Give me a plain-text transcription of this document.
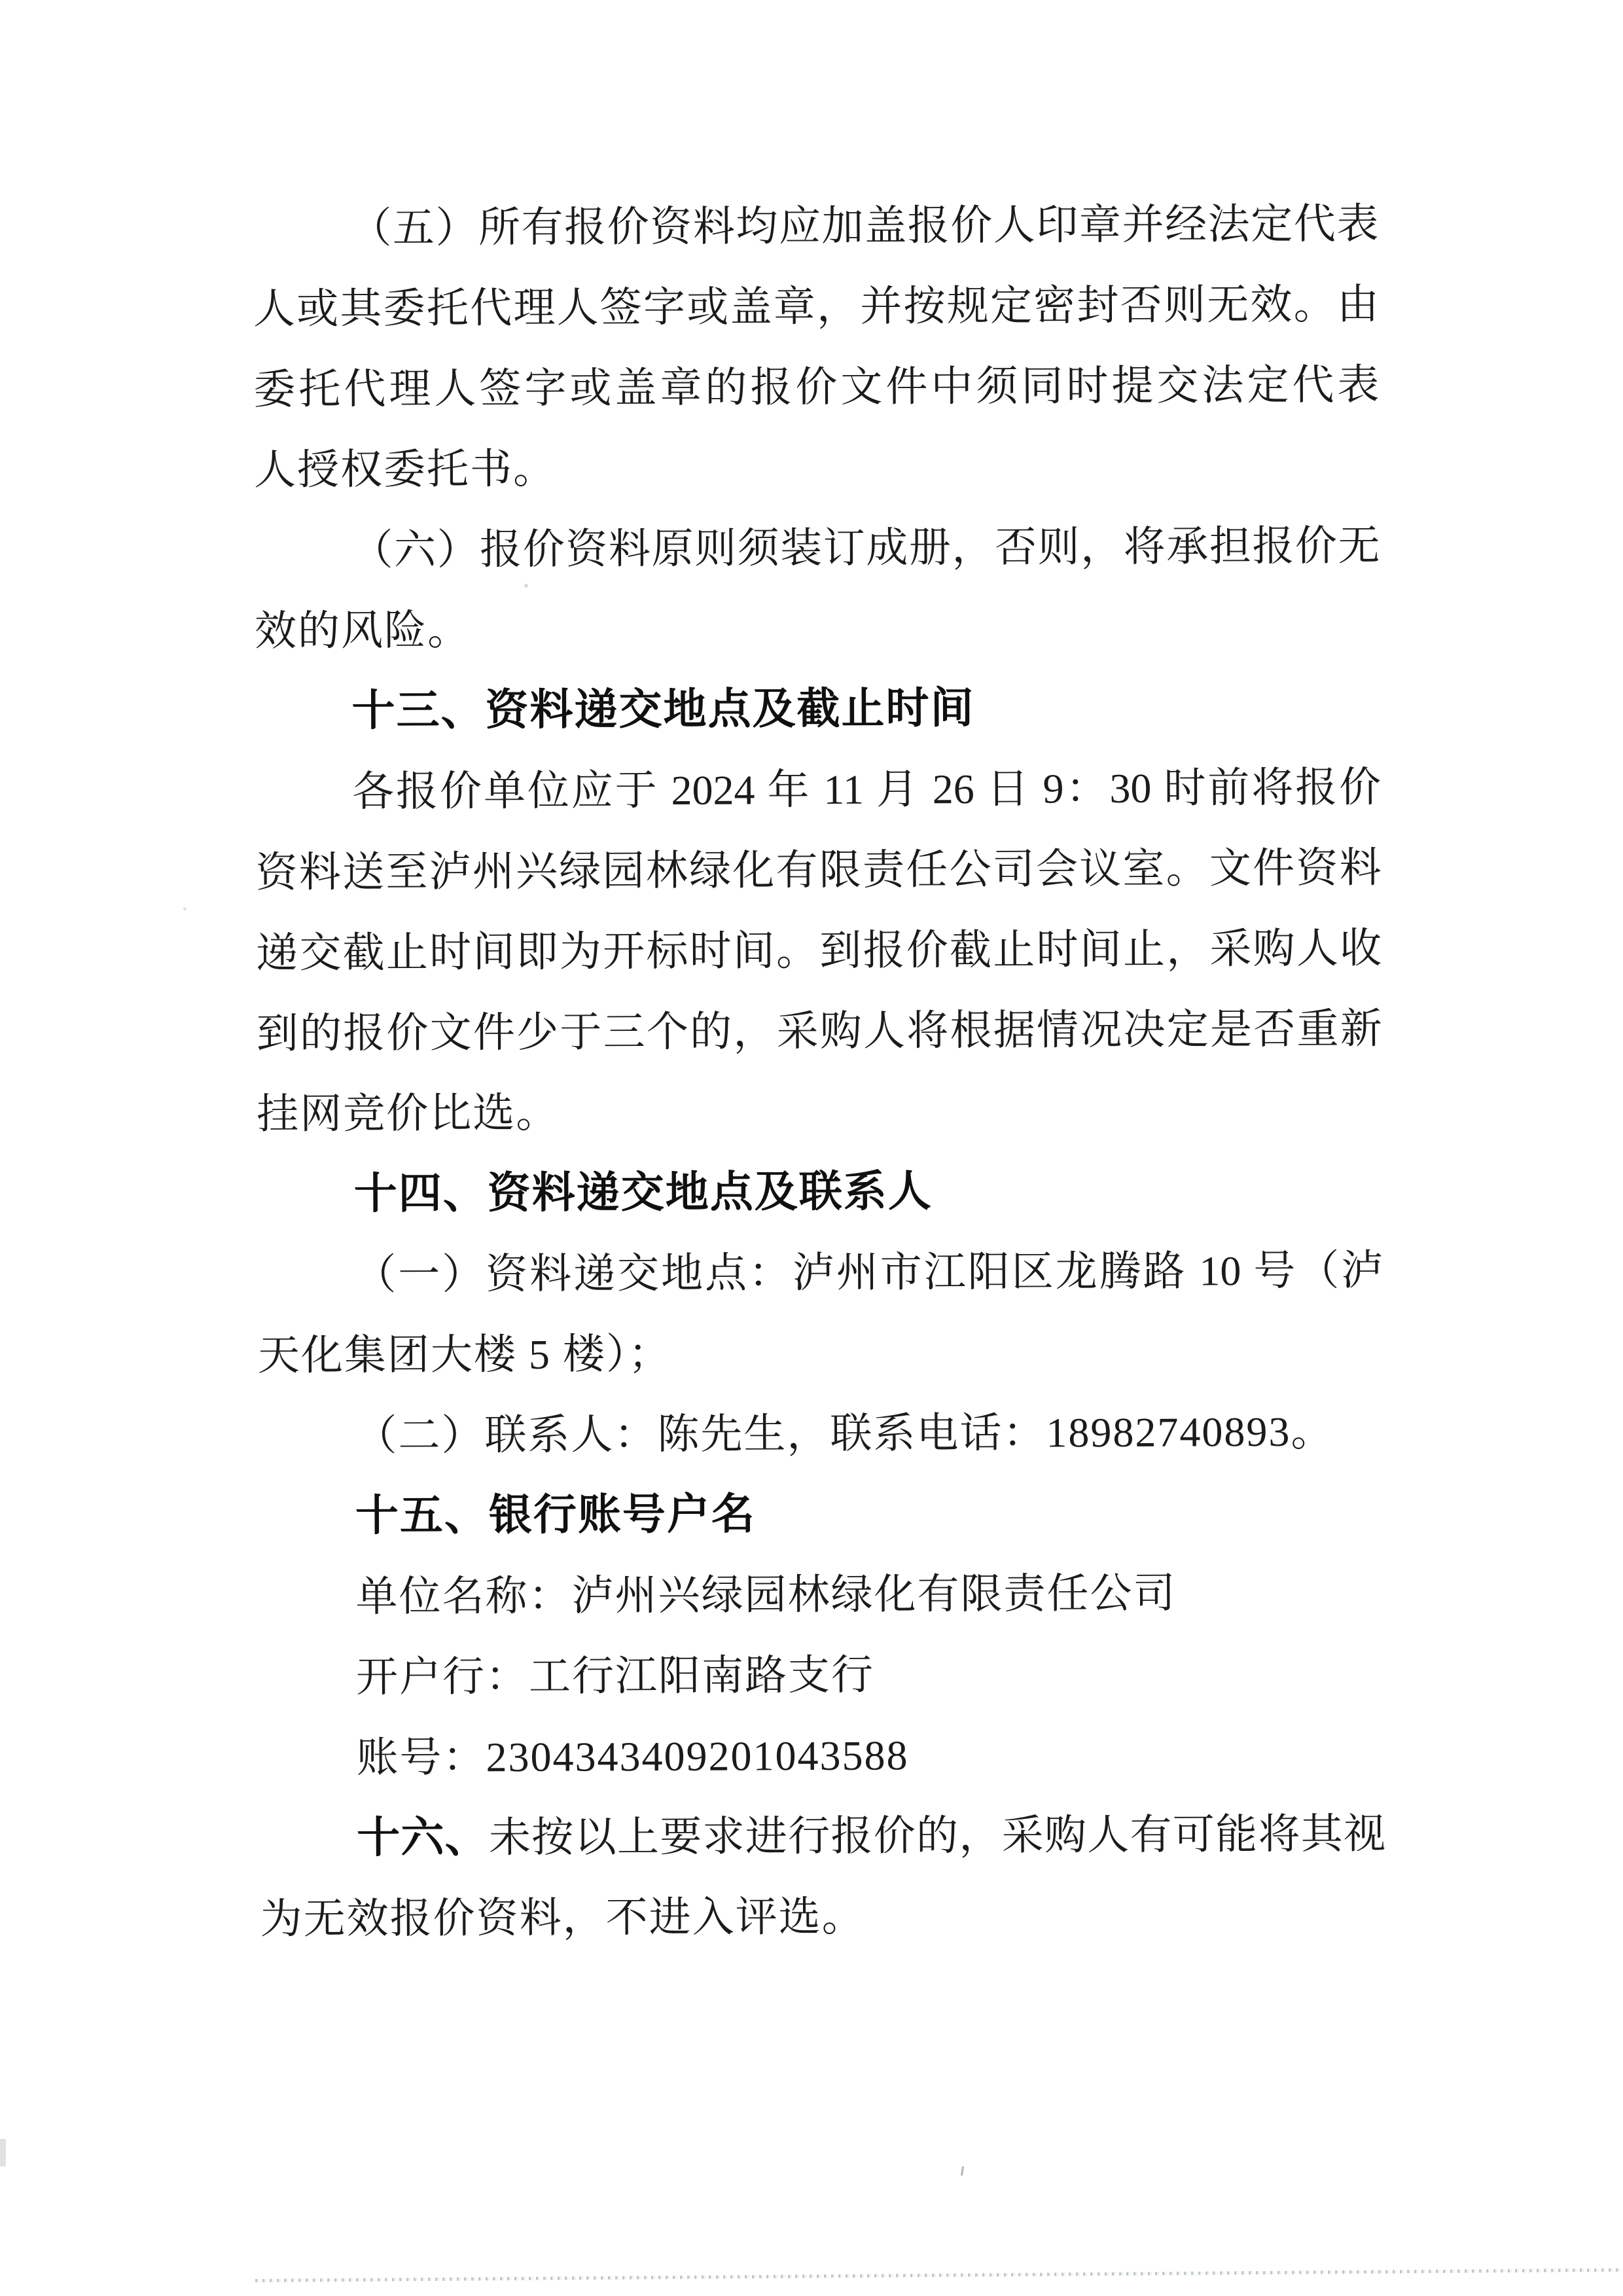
（五）所有报价资料均应加盖报价人印章并经法定代表
人或其委托代理人签字或盖章，并按规定密封否则无效。由
委托代理人签字或盖章的报价文件中须同时提交法定代表
人授权委托书。
（六）报价资料原则须装订成册，否则，将承担报价无
效的风险。
十三、资料递交地点及截止时间
各报价单位应于 2024 年 11 月 26 日 9：30 时前将报价
资料送至泸州兴绿园林绿化有限责任公司会议室。文件资料
递交截止时间即为开标时间。到报价截止时间止，采购人收
到的报价文件少于三个的，采购人将根据情况决定是否重新
挂网竞价比选。
十四、资料递交地点及联系人
（一）资料递交地点：泸州市江阳区龙腾路 10 号（泸
天化集团大楼 5 楼）；
（二）联系人：陈先生，联系电话：18982740893。
十五、银行账号户名
单位名称：泸州兴绿园林绿化有限责任公司
开户行：工行江阳南路支行
账号：2304343409201043588
十六、未按以上要求进行报价的，采购人有可能将其视
为无效报价资料，不进入评选。
